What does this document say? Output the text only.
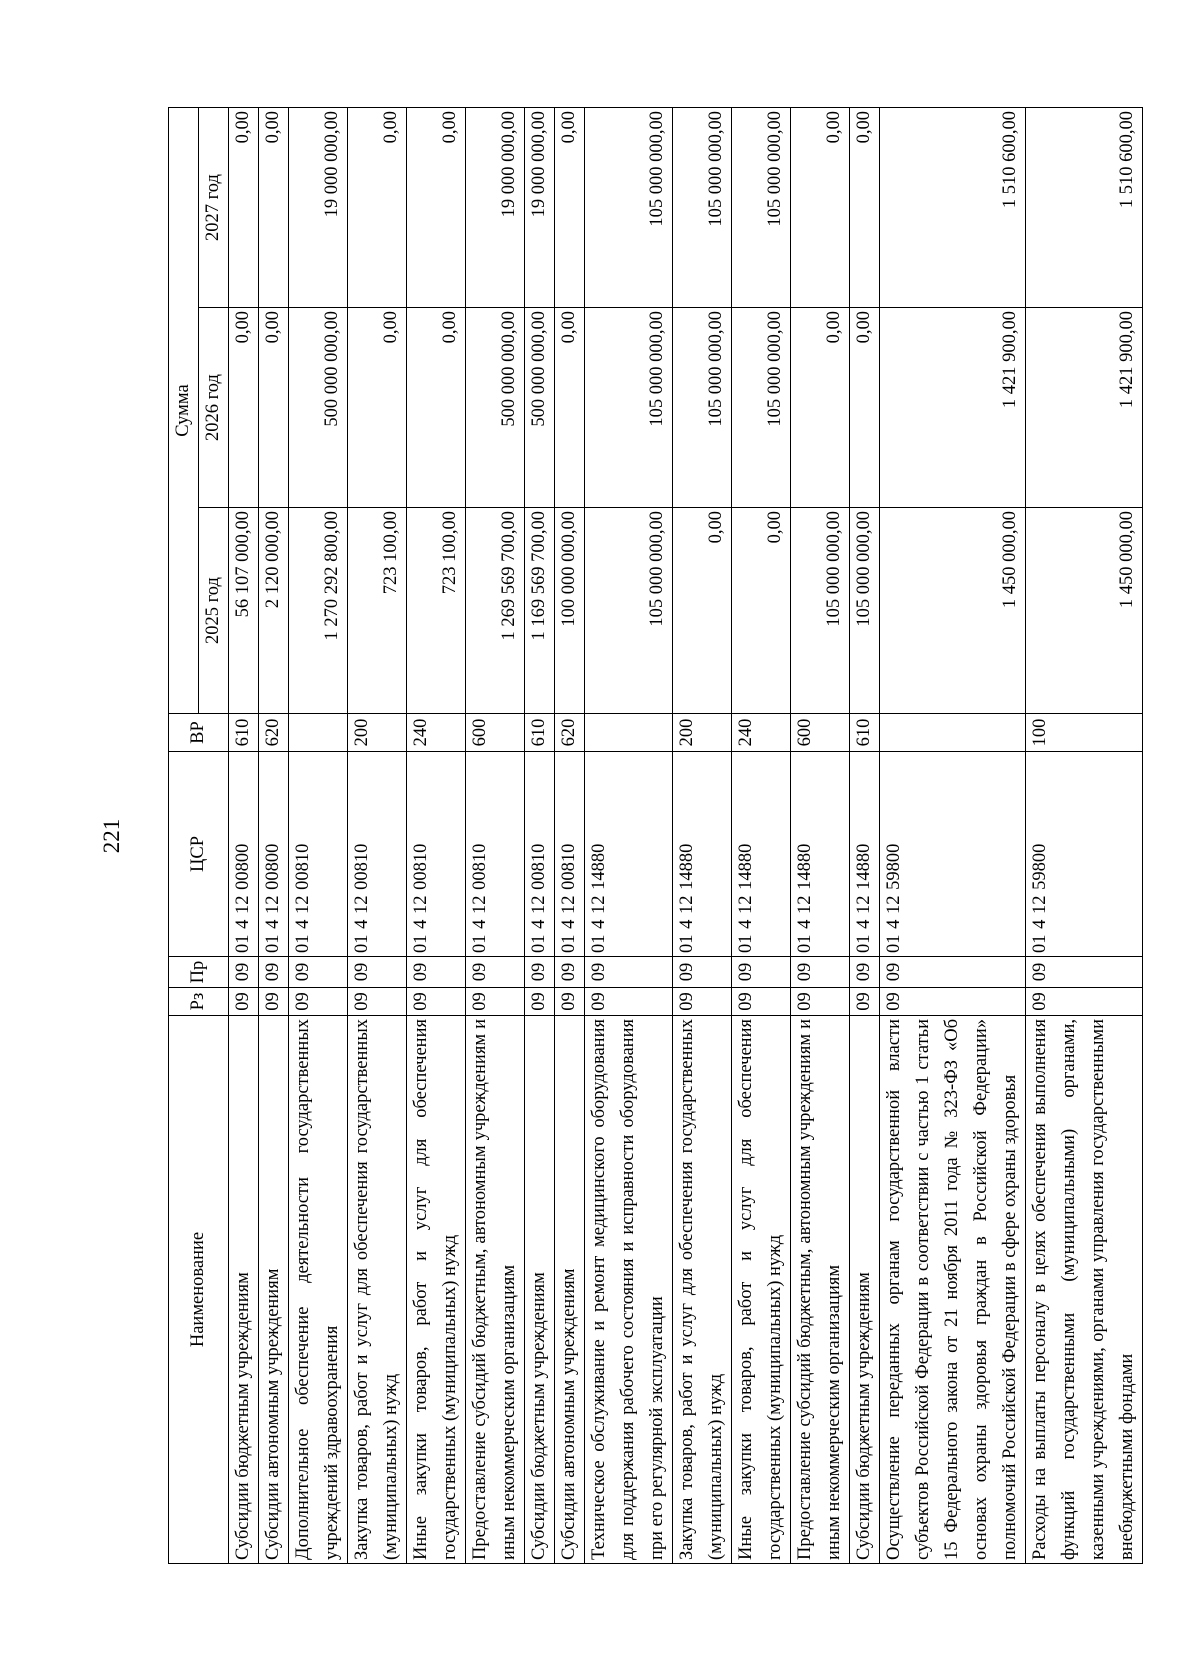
221
Наименование	Рз	Пр	ЦСР	ВР	Сумма		
					2025 год	2026 год	2027 год
Субсидии бюджетным учреждениям	09	09	01 4 12 00800	610	56 107 000,00	0,00	0,00
Субсидии автономным учреждениям	09	09	01 4 12 00800	620	2 120 000,00	0,00	0,00
Дополнительное обеспечение деятельности государственных учреждений здравоохранения	09	09	01 4 12 00810		1 270 292 800,00	500 000 000,00	19 000 000,00
Закупка товаров, работ и услуг для обеспечения государственных (муниципальных) нужд	09	09	01 4 12 00810	200	723 100,00	0,00	0,00
Иные закупки товаров, работ и услуг для обеспечения государственных (муниципальных) нужд	09	09	01 4 12 00810	240	723 100,00	0,00	0,00
Предоставление субсидий бюджетным, автономным учреждениям и иным некоммерческим организациям	09	09	01 4 12 00810	600	1 269 569 700,00	500 000 000,00	19 000 000,00
Субсидии бюджетным учреждениям	09	09	01 4 12 00810	610	1 169 569 700,00	500 000 000,00	19 000 000,00
Субсидии автономным учреждениям	09	09	01 4 12 00810	620	100 000 000,00	0,00	0,00
Техническое обслуживание и ремонт медицинского оборудования для поддержания рабочего состояния и исправности оборудования при его регулярной эксплуатации	09	09	01 4 12 14880		105 000 000,00	105 000 000,00	105 000 000,00
Закупка товаров, работ и услуг для обеспечения государственных (муниципальных) нужд	09	09	01 4 12 14880	200	0,00	105 000 000,00	105 000 000,00
Иные закупки товаров, работ и услуг для обеспечения государственных (муниципальных) нужд	09	09	01 4 12 14880	240	0,00	105 000 000,00	105 000 000,00
Предоставление субсидий бюджетным, автономным учреждениям и иным некоммерческим организациям	09	09	01 4 12 14880	600	105 000 000,00	0,00	0,00
Субсидии бюджетным учреждениям	09	09	01 4 12 14880	610	105 000 000,00	0,00	0,00
Осуществление переданных органам государственной власти субъектов Российской Федерации в соответствии с частью 1 статьи 15 Федерального закона от 21 ноября 2011 года № 323-ФЗ «Об основах охраны здоровья граждан в Российской Федерации» полномочий Российской Федерации в сфере охраны здоровья	09	09	01 4 12 59800		1 450 000,00	1 421 900,00	1 510 600,00
Расходы на выплаты персоналу в целях обеспечения выполнения функций государственными (муниципальными) органами, казенными учреждениями, органами управления государственными внебюджетными фондами	09	09	01 4 12 59800	100	1 450 000,00	1 421 900,00	1 510 600,00
